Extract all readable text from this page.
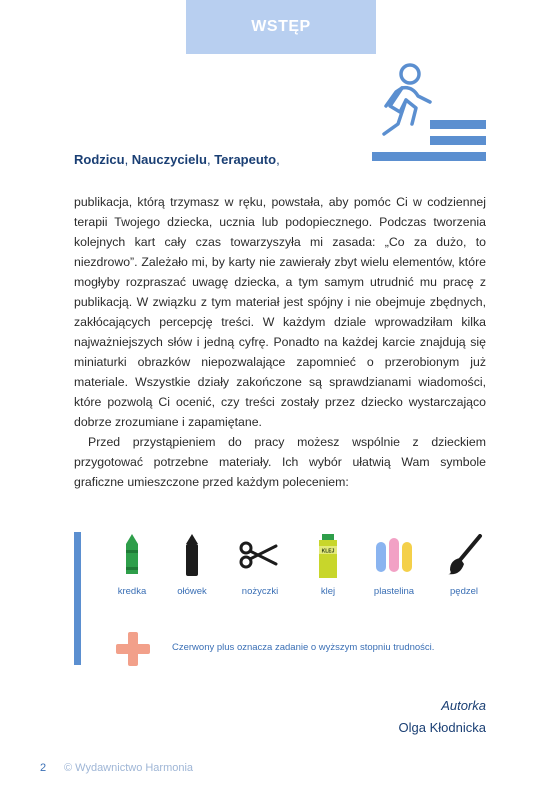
WSTĘP
Rodzicu, Nauczycielu, Terapeuto,

publikacja, którą trzymasz w ręku, powstała, aby pomóc Ci w codziennej terapii Twojego dziecka, ucznia lub podopiecznego. Podczas tworzenia kolejnych kart cały czas towarzyszyła mi zasada: „Co za dużo, to niezdrowo”. Zależało mi, by karty nie zawierały zbyt wielu elementów, które mogłyby rozpraszać uwagę dziecka, a tym samym utrudnić mu pracę z publikacją. W związku z tym materiał jest spójny i nie obejmuje zbędnych, zakłócających percepcję treści. W każdym dziale wprowadziłam kilka najważniejszych słów i jedną cyfrę. Ponadto na każdej karcie znajdują się miniaturki obrazków niepozwalające zapomnieć o przerobionym już materiale. Wszystkie działy zakończone są sprawdzianami wiadomości, które pozwolą Ci ocenić, czy treści zostały przez dziecko wystarczająco dobrze zrozumiane i zapamiętane.

Przed przystąpieniem do pracy możesz wspólnie z dzieckiem przygotować potrzebne materiały. Ich wybór ułatwią Wam symbole graficzne umieszczone przed każdym poleceniem:

kredka	ołówek	nożyczki
KLEJ
klej	plastelina	pędzel
Czerwony plus oznacza zadanie o wyższym stopniu trudności.
Autorka
Olga Kłodnicka
2 © Wydawnictwo Harmonia
